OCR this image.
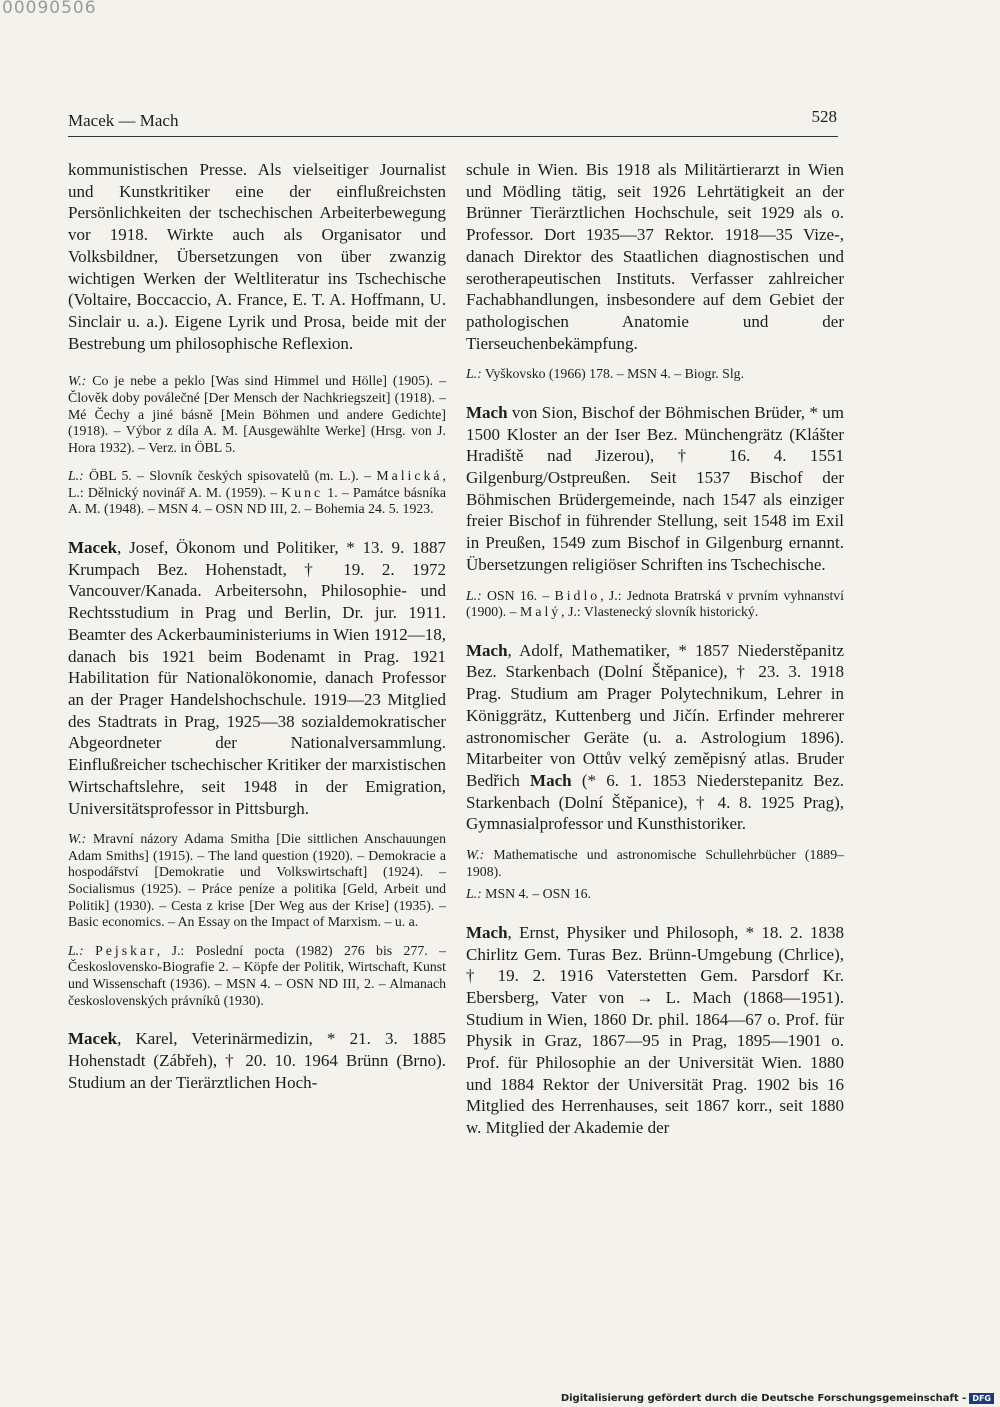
00090506
Macek — Mach	528

kommunistischen Presse. Als vielseitiger Journalist und Kunstkritiker eine der einflußreichsten Persönlichkeiten der tschechischen Arbeiterbewegung vor 1918. Wirkte auch als Organisator und Volksbildner, Übersetzungen von über zwanzig wichtigen Werken der Weltliteratur ins Tschechische (Voltaire, Boccaccio, A. France, E. T. A. Hoffmann, U. Sinclair u. a.). Eigene Lyrik und Prosa, beide mit der Bestrebung um philosophische Reflexion.

W.: Co je nebe a peklo [Was sind Himmel und Hölle] (1905). – Člověk doby poválečné [Der Mensch der Nachkriegszeit] (1918). – Mé Čechy a jiné básně [Mein Böhmen und andere Gedichte] (1918). – Výbor z díla A. M. [Ausgewählte Werke] (Hrsg. von J. Hora 1932). – Verz. in ÖBL 5.

L.: ÖBL 5. – Slovník českých spisovatelů (m. L.). – Malická, L.: Dělnický novinář A. M. (1959). – Kunc 1. – Památce básníka A. M. (1948). – MSN 4. – OSN ND III, 2. – Bohemia 24. 5. 1923.

Macek, Josef, Ökonom und Politiker, * 13. 9. 1887 Krumpach Bez. Hohenstadt, † 19. 2. 1972 Vancouver/Kanada. Arbeitersohn, Philosophie- und Rechtsstudium in Prag und Berlin, Dr. jur. 1911. Beamter des Ackerbauministeriums in Wien 1912—18, danach bis 1921 beim Bodenamt in Prag. 1921 Habilitation für Nationalökonomie, danach Professor an der Prager Handelshochschule. 1919—23 Mitglied des Stadtrats in Prag, 1925—38 sozialdemokratischer Abgeordneter der Nationalversammlung. Einflußreicher tschechischer Kritiker der marxistischen Wirtschaftslehre, seit 1948 in der Emigration, Universitätsprofessor in Pittsburgh.

W.: Mravní názory Adama Smitha [Die sittlichen Anschauungen Adam Smiths] (1915). – The land question (1920). – Demokracie a hospodářství [Demokratie und Volkswirtschaft] (1924). – Socialismus (1925). – Práce peníze a politika [Geld, Arbeit und Politik] (1930). – Cesta z krise [Der Weg aus der Krise] (1935). – Basic economics. – An Essay on the Impact of Marxism. – u. a.

L.: Pejskar, J.: Poslední pocta (1982) 276 bis 277. – Československo-Biografie 2. – Köpfe der Politik, Wirtschaft, Kunst und Wissenschaft (1936). – MSN 4. – OSN ND III, 2. – Almanach československých právníků (1930).

Macek, Karel, Veterinärmedizin, * 21. 3. 1885 Hohenstadt (Zábřeh), † 20. 10. 1964 Brünn (Brno). Studium an der Tierärztlichen Hoch-

schule in Wien. Bis 1918 als Militärtierarzt in Wien und Mödling tätig, seit 1926 Lehrtätigkeit an der Brünner Tierärztlichen Hochschule, seit 1929 als o. Professor. Dort 1935—37 Rektor. 1918—35 Vize-, danach Direktor des Staatlichen diagnostischen und serotherapeutischen Instituts. Verfasser zahlreicher Fachabhandlungen, insbesondere auf dem Gebiet der pathologischen Anatomie und der Tierseuchenbekämpfung.

L.: Vyškovsko (1966) 178. – MSN 4. – Biogr. Slg.

Mach von Sion, Bischof der Böhmischen Brüder, * um 1500 Kloster an der Iser Bez. Münchengrätz (Klášter Hradiště nad Jizerou), † 16. 4. 1551 Gilgenburg/Ostpreußen. Seit 1537 Bischof der Böhmischen Brüdergemeinde, nach 1547 als einziger freier Bischof in führender Stellung, seit 1548 im Exil in Preußen, 1549 zum Bischof in Gilgenburg ernannt. Übersetzungen religiöser Schriften ins Tschechische.

L.: OSN 16. – Bidlo, J.: Jednota Bratrská v prvním vyhnanství (1900). – Malý, J.: Vlastenecký slovník historický.

Mach, Adolf, Mathematiker, * 1857 Niederstěpanitz Bez. Starkenbach (Dolní Štěpanice), † 23. 3. 1918 Prag. Studium am Prager Polytechnikum, Lehrer in Königgrätz, Kuttenberg und Jičín. Erfinder mehrerer astronomischer Geräte (u. a. Astrologium 1896). Mitarbeiter von Ottův velký zeměpisný atlas. Bruder Bedřich Mach (* 6. 1. 1853 Niederstepanitz Bez. Starkenbach (Dolní Štěpanice), † 4. 8. 1925 Prag), Gymnasialprofessor und Kunsthistoriker.

W.: Mathematische und astronomische Schullehrbücher (1889–1908).

L.: MSN 4. – OSN 16.

Mach, Ernst, Physiker und Philosoph, * 18. 2. 1838 Chirlitz Gem. Turas Bez. Brünn-Umgebung (Chrlice), † 19. 2. 1916 Vaterstetten Gem. Parsdorf Kr. Ebersberg, Vater von → L. Mach (1868—1951). Studium in Wien, 1860 Dr. phil. 1864—67 o. Prof. für Physik in Graz, 1867—95 in Prag, 1895—1901 o. Prof. für Philosophie an der Universität Wien. 1880 und 1884 Rektor der Universität Prag. 1902 bis 16 Mitglied des Herrenhauses, seit 1867 korr., seit 1880 w. Mitglied der Akademie der

Digitalisierung gefördert durch die Deutsche Forschungsgemeinschaft - DFG
